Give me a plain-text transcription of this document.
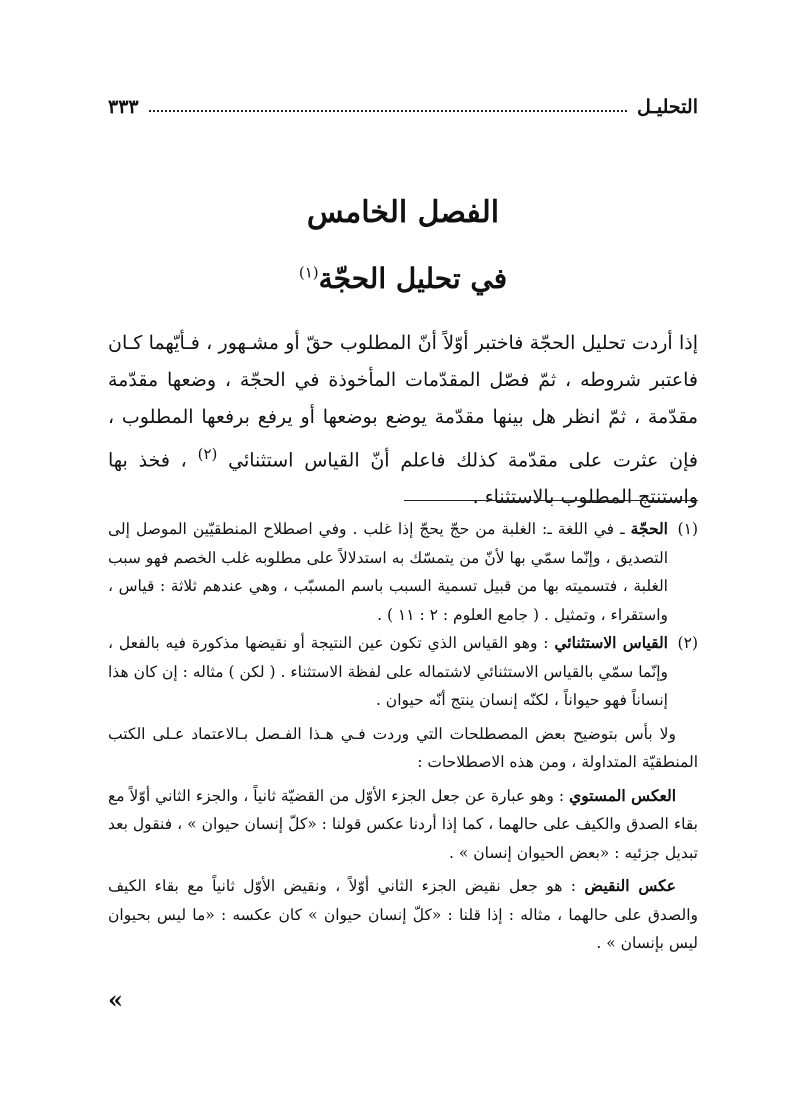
التحليـل
٣٣٣
الفصل الخامس
في تحليل الحجّة$^{(١)}$
إذا أردت تحليل الحجّة فاختبر أوّلاً أنّ المطلوب حقّ أو مشـهور ، فـأيّهما كـان فاعتبر شروطه ، ثمّ فصّل المقدّمات المأخوذة في الحجّة ، وضعها مقدّمة مقدّمة ، ثمّ انظر هل بينها مقدّمة يوضع بوضعها أو يرفع برفعها المطلوب ، فإن عثرت على مقدّمة كذلك فاعلم أنّ القياس استثنائي $^{(٢)}$ ، فخذ بها واستنتج المطلوب بالاستثناء .

(١)
الحجّة ـ في اللغة ـ: الغلبة من حجّ يحجّ إذا غلب . وفي اصطلاح المنطقيّين الموصل إلى التصديق ، وإنّما سمّي بها لأنّ من يتمسّك به استدلالاً على مطلوبه غلب الخصم فهو سبب الغلبة ، فتسميته بها من قبيل تسمية السبب باسم المسبّب ، وهي عندهم ثلاثة : قياس ، واستقراء ، وتمثيل . ( جامع العلوم : ٢ : ١١ ) .

(٢)
القياس الاستثنائي : وهو القياس الذي تكون عين النتيجة أو نقيضها مذكورة فيه بالفعل ، وإنّما سمّي بالقياس الاستثنائي لاشتماله على لفظة الاستثناء . ( لكن ) مثاله : إن كان هذا إنساناً فهو حيواناً ، لكنّه إنسان ينتج أنّه حيوان .

ولا بأس بتوضيح بعض المصطلحات التي وردت فـي هـذا الفـصل بـالاعتماد عـلى الكتب المنطقيّة المتداولة ، ومن هذه الاصطلاحات :

العكس المستوي : وهو عبارة عن جعل الجزء الأوّل من القضيّة ثانياً ، والجزء الثاني أوّلاً مع بقاء الصدق والكيف على حالهما ، كما إذا أردنا عكس قولنا : «كلّ إنسان حيوان » ، فنقول بعد تبديل جزئيه : «بعض الحيوان إنسان » .

عكس النقيض : هو جعل نقيض الجزء الثاني أوّلاً ، ونقيض الأوّل ثانياً مع بقاء الكيف والصدق على حالهما ، مثاله : إذا قلنا : «كلّ إنسان حيوان » كان عكسه : «ما ليس بحيوان ليس بإنسان » .

«
